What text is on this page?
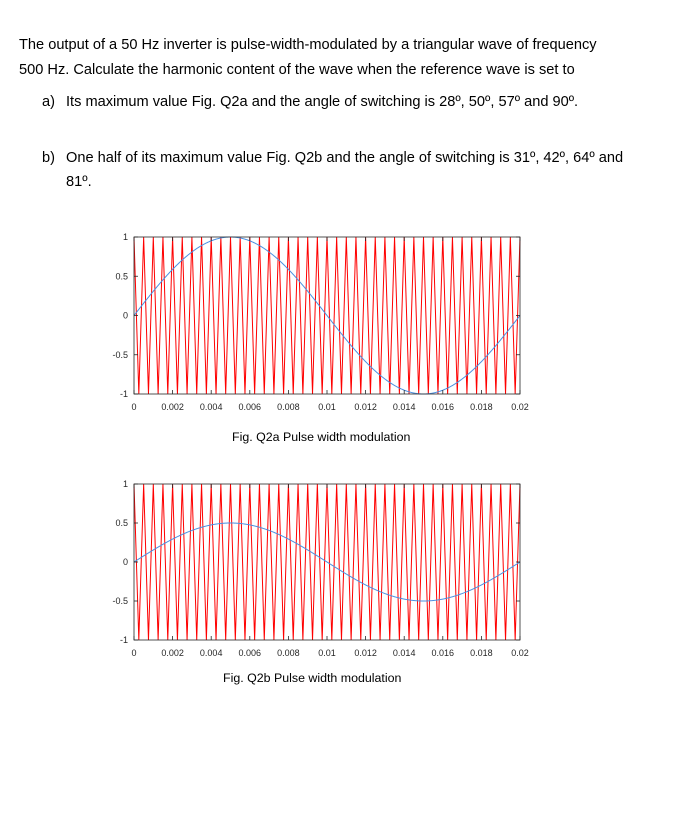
The output of a 50 Hz inverter is pulse-width-modulated by a triangular wave of frequency
500 Hz. Calculate the harmonic content of the wave when the reference wave is set to
a) Its maximum value Fig. Q2a and the angle of switching is 28º, 50º, 57º and 90º.
b) One half of its maximum value Fig. Q2b and the angle of switching is 31º, 42º, 64º and
81º.
0	0.002 0.004 0.006 0.008 0.01 0.012 0.014 0.016 0.018 0.02
1
0.5
0
-0.5
-1
0	0.002 0.004 0.006 0.008 0.01 0.012 0.014 0.016 0.018 0.02
1
0.5
0
-0.5
-1
Fig. Q2a Pulse width modulation
Fig. Q2b Pulse width modulation
